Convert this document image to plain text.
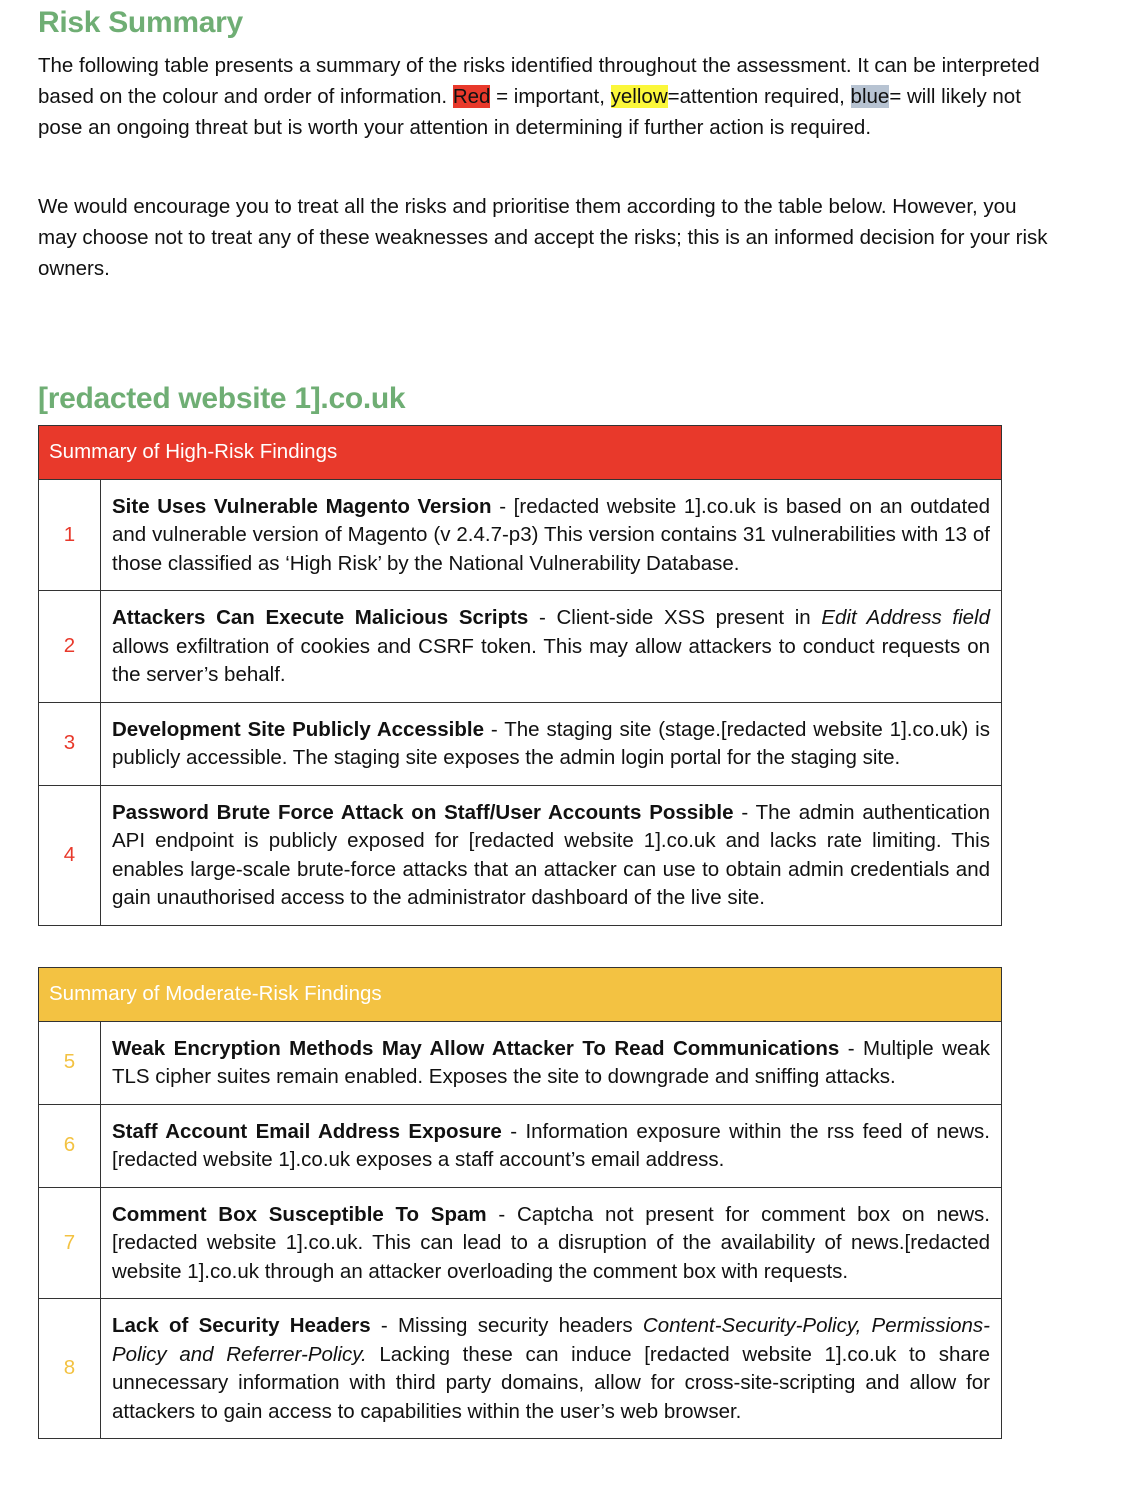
Risk Summary

The following table presents a summary of the risks identified throughout the assessment. It can be interpreted based on the colour and order of information. Red = important, yellow=attention required, blue= will likely not pose an ongoing threat but is worth your attention in determining if further action is required.

We would encourage you to treat all the risks and prioritise them according to the table below. However, you may choose not to treat any of these weaknesses and accept the risks; this is an informed decision for your risk owners.

[redacted website 1].co.uk
Summary of High-Risk Findings	
1	Site Uses Vulnerable Magento Version - [redacted website 1].co.uk is based on an outdated and vulnerable version of Magento (v 2.4.7-p3) This version contains 31 vulnerabilities with 13 of those classified as ‘High Risk’ by the National Vulnerability Database.
2	Attackers Can Execute Malicious Scripts - Client-side XSS present in Edit Address field allows exfiltration of cookies and CSRF token. This may allow attackers to conduct requests on the server’s behalf.
3	Development Site Publicly Accessible - The staging site (stage.[redacted website 1].co.uk) is publicly accessible. The staging site exposes the admin login portal for the staging site.
4	Password Brute Force Attack on Staff/User Accounts Possible - The admin authentication API endpoint is publicly exposed for [redacted website 1].co.uk and lacks rate limiting. This enables large-scale brute-force attacks that an attacker can use to obtain admin credentials and gain unauthorised access to the administrator dashboard of the live site.
Summary of Moderate-Risk Findings	
5	Weak Encryption Methods May Allow Attacker To Read Communications - Multiple weak TLS cipher suites remain enabled. Exposes the site to downgrade and sniffing attacks.
6	Staff Account Email Address Exposure - Information exposure within the rss feed of news.[redacted website 1].co.uk exposes a staff account’s email address.
7	Comment Box Susceptible To Spam - Captcha not present for comment box on news.[redacted website 1].co.uk. This can lead to a disruption of the availability of news.[redacted website 1].co.uk through an attacker overloading the comment box with requests.
8	Lack of Security Headers - Missing security headers Content-Security-Policy, Permissions-Policy and Referrer-Policy. Lacking these can induce [redacted website 1].co.uk to share unnecessary information with third party domains, allow for cross-site-scripting and allow for attackers to gain access to capabilities within the user’s web browser.
